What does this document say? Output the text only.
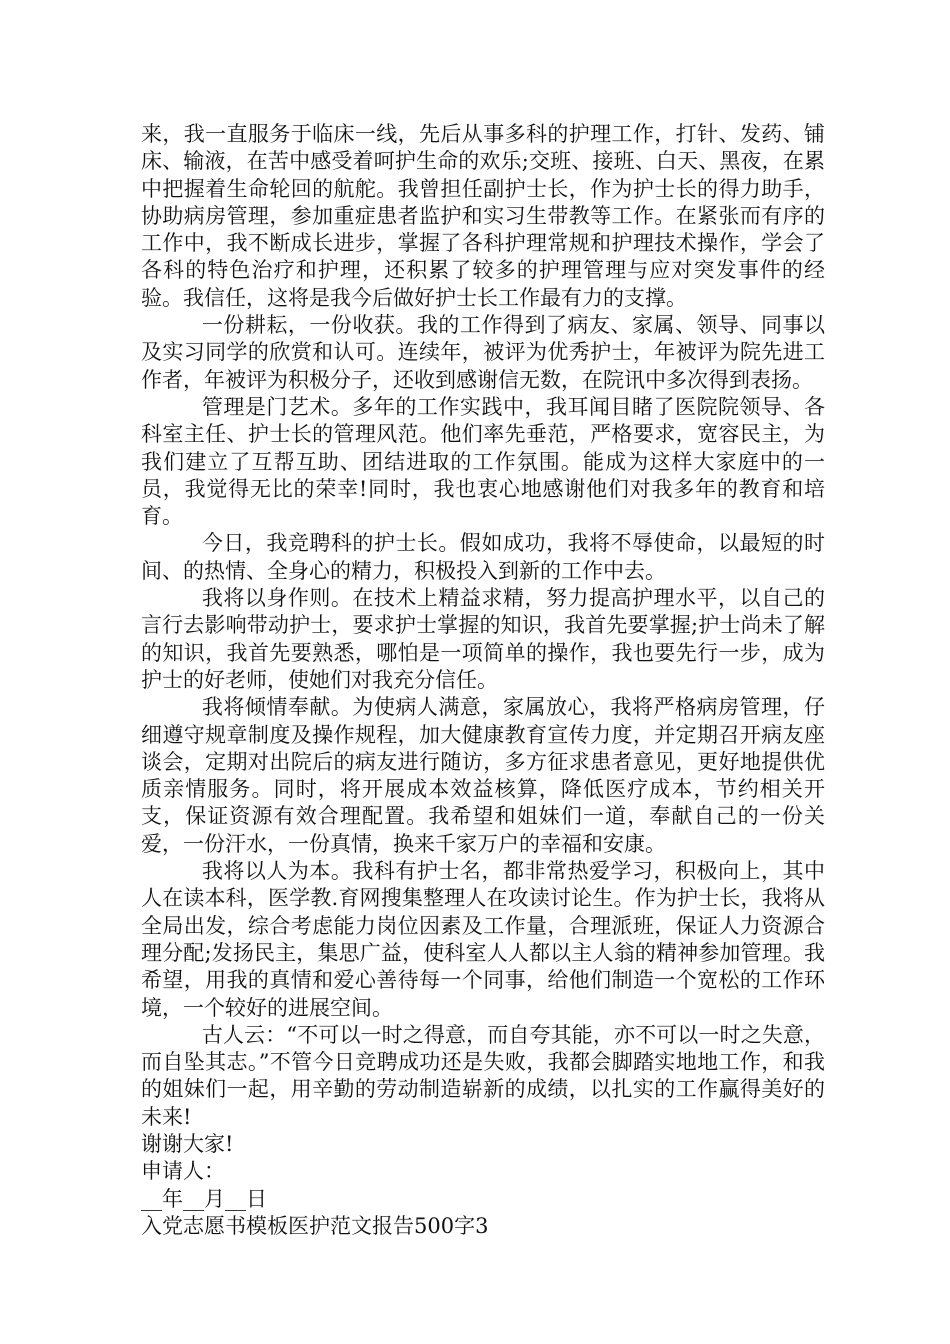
来，我一直服务于临床一线，先后从事多科的护理工作，打针、发药、铺床、输液，在苦中感受着呵护生命的欢乐;交班、接班、白天、黑夜，在累中把握着生命轮回的航舵。我曾担任副护士长，作为护士长的得力助手，协助病房管理，参加重症患者监护和实习生带教等工作。在紧张而有序的工作中，我不断成长进步，掌握了各科护理常规和护理技术操作，学会了各科的特色治疗和护理，还积累了较多的护理管理与应对突发事件的经验。我信任，这将是我今后做好护士长工作最有力的支撑。

一份耕耘，一份收获。我的工作得到了病友、家属、领导、同事以及实习同学的欣赏和认可。连续年，被评为优秀护士，年被评为院先进工作者，年被评为积极分子，还收到感谢信无数，在院讯中多次得到表扬。

管理是门艺术。多年的工作实践中，我耳闻目睹了医院院领导、各科室主任、护士长的管理风范。他们率先垂范，严格要求，宽容民主，为我们建立了互帮互助、团结进取的工作氛围。能成为这样大家庭中的一员，我觉得无比的荣幸!同时，我也衷心地感谢他们对我多年的教育和培育。

今日，我竞聘科的护士长。假如成功，我将不辱使命，以最短的时间、的热情、全身心的精力，积极投入到新的工作中去。

我将以身作则。在技术上精益求精，努力提高护理水平，以自己的言行去影响带动护士，要求护士掌握的知识，我首先要掌握;护士尚未了解的知识，我首先要熟悉，哪怕是一项简单的操作，我也要先行一步，成为护士的好老师，使她们对我充分信任。

我将倾情奉献。为使病人满意，家属放心，我将严格病房管理，仔细遵守规章制度及操作规程，加大健康教育宣传力度，并定期召开病友座谈会，定期对出院后的病友进行随访，多方征求患者意见，更好地提供优质亲情服务。同时，将开展成本效益核算，降低医疗成本，节约相关开支，保证资源有效合理配置。我希望和姐妹们一道，奉献自己的一份关爱，一份汗水，一份真情，换来千家万户的幸福和安康。

我将以人为本。我科有护士名，都非常热爱学习，积极向上，其中人在读本科，医学教.育网搜集整理人在攻读讨论生。作为护士长，我将从全局出发，综合考虑能力岗位因素及工作量，合理派班，保证人力资源合理分配;发扬民主，集思广益，使科室人人都以主人翁的精神参加管理。我希望，用我的真情和爱心善待每一个同事，给他们制造一个宽松的工作环境，一个较好的进展空间。

古人云：“不可以一时之得意，而自夸其能，亦不可以一时之失意，而自坠其志。”不管今日竞聘成功还是失败，我都会脚踏实地地工作，和我的姐妹们一起，用辛勤的劳动制造崭新的成绩，以扎实的工作赢得美好的未来!

谢谢大家!

申请人：

__年__月__日

入党志愿书模板医护范文报告500字3
